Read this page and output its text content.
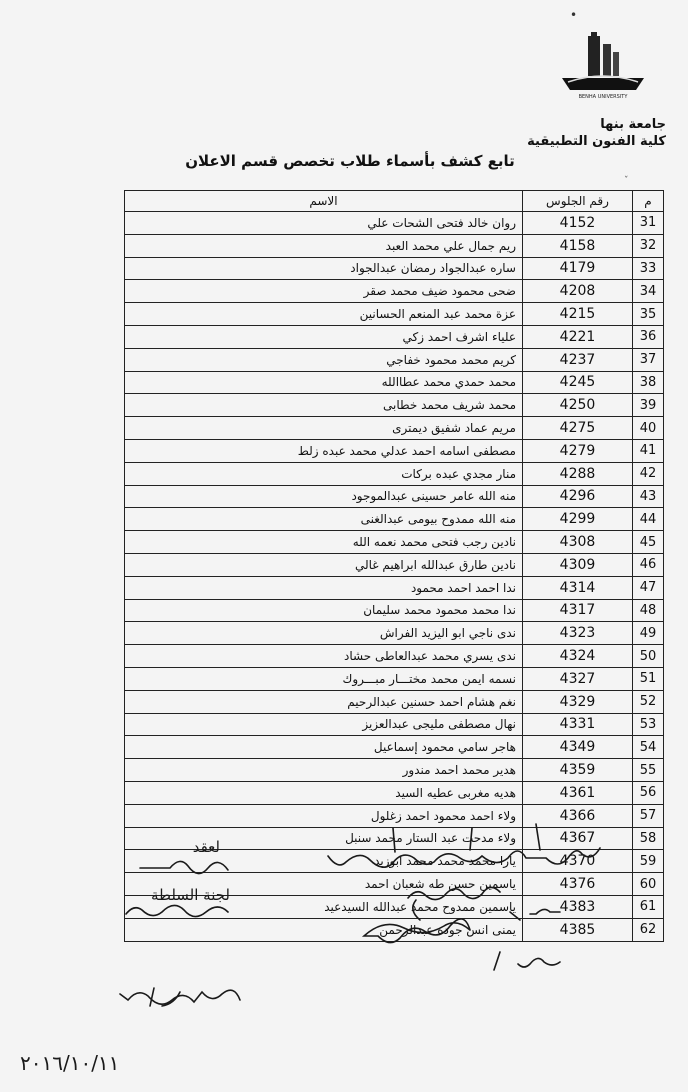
BENHA UNIVERSITY
•
جامعة بنها
كلية الفنون التطبيقية
تابع كشف بأسماء طلاب تخصص قسم الاعلان
ˇ
م	رقم الجلوس	الاسم
31	4152	روان خالد فتحى الشحات علي
32	4158	ريم جمال علي محمد العبد
33	4179	ساره عبدالجواد رمضان عبدالجواد
34	4208	ضحى محمود ضيف محمد صقر
35	4215	عزة محمد عبد المنعم الحسانين
36	4221	علياء اشرف احمد زكي
37	4237	كريم محمد محمود خفاجي
38	4245	محمد حمدي محمد عطاالله
39	4250	محمد شريف محمد خطابى
40	4275	مريم عماد شفيق ديمترى
41	4279	مصطفى اسامه احمد عدلي محمد عبده زلط
42	4288	منار مجدي عبده بركات
43	4296	منه الله عامر حسينى عبدالموجود
44	4299	منه الله ممدوح بيومى عبدالغنى
45	4308	نادين رجب فتحى محمد نعمه الله
46	4309	نادين طارق عبدالله ابراهيم غالي
47	4314	ندا احمد احمد محمود
48	4317	ندا محمد محمود محمد سليمان
49	4323	ندى ناجي ابو اليزيد الفراش
50	4324	ندى يسري محمد عبدالعاطى حشاد
51	4327	نسمه ايمن محمد مختـــار مبـــروك
52	4329	نغم هشام احمد حسنين عبدالرحيم
53	4331	نهال مصطفى مليجى عبدالعزيز
54	4349	هاجر سامي محمود إسماعيل
55	4359	هدير محمد احمد مندور
56	4361	هديه مغربى عطيه السيد
57	4366	ولاء احمد محمود احمد زغلول
58	4367	ولاء مدحت عبد الستار محمد سنبل
59	4370	يارا محمد محمد محمد ابوزيد
60	4376	ياسمين حسن طه شعبان احمد
61	4383	ياسمين ممدوح محمد عبدالله السيدعيد
62	4385	يمنى انس جوده عبدالرحمن
٢٠١٦/١٠/١١
لعقد
لجنة السلطة
